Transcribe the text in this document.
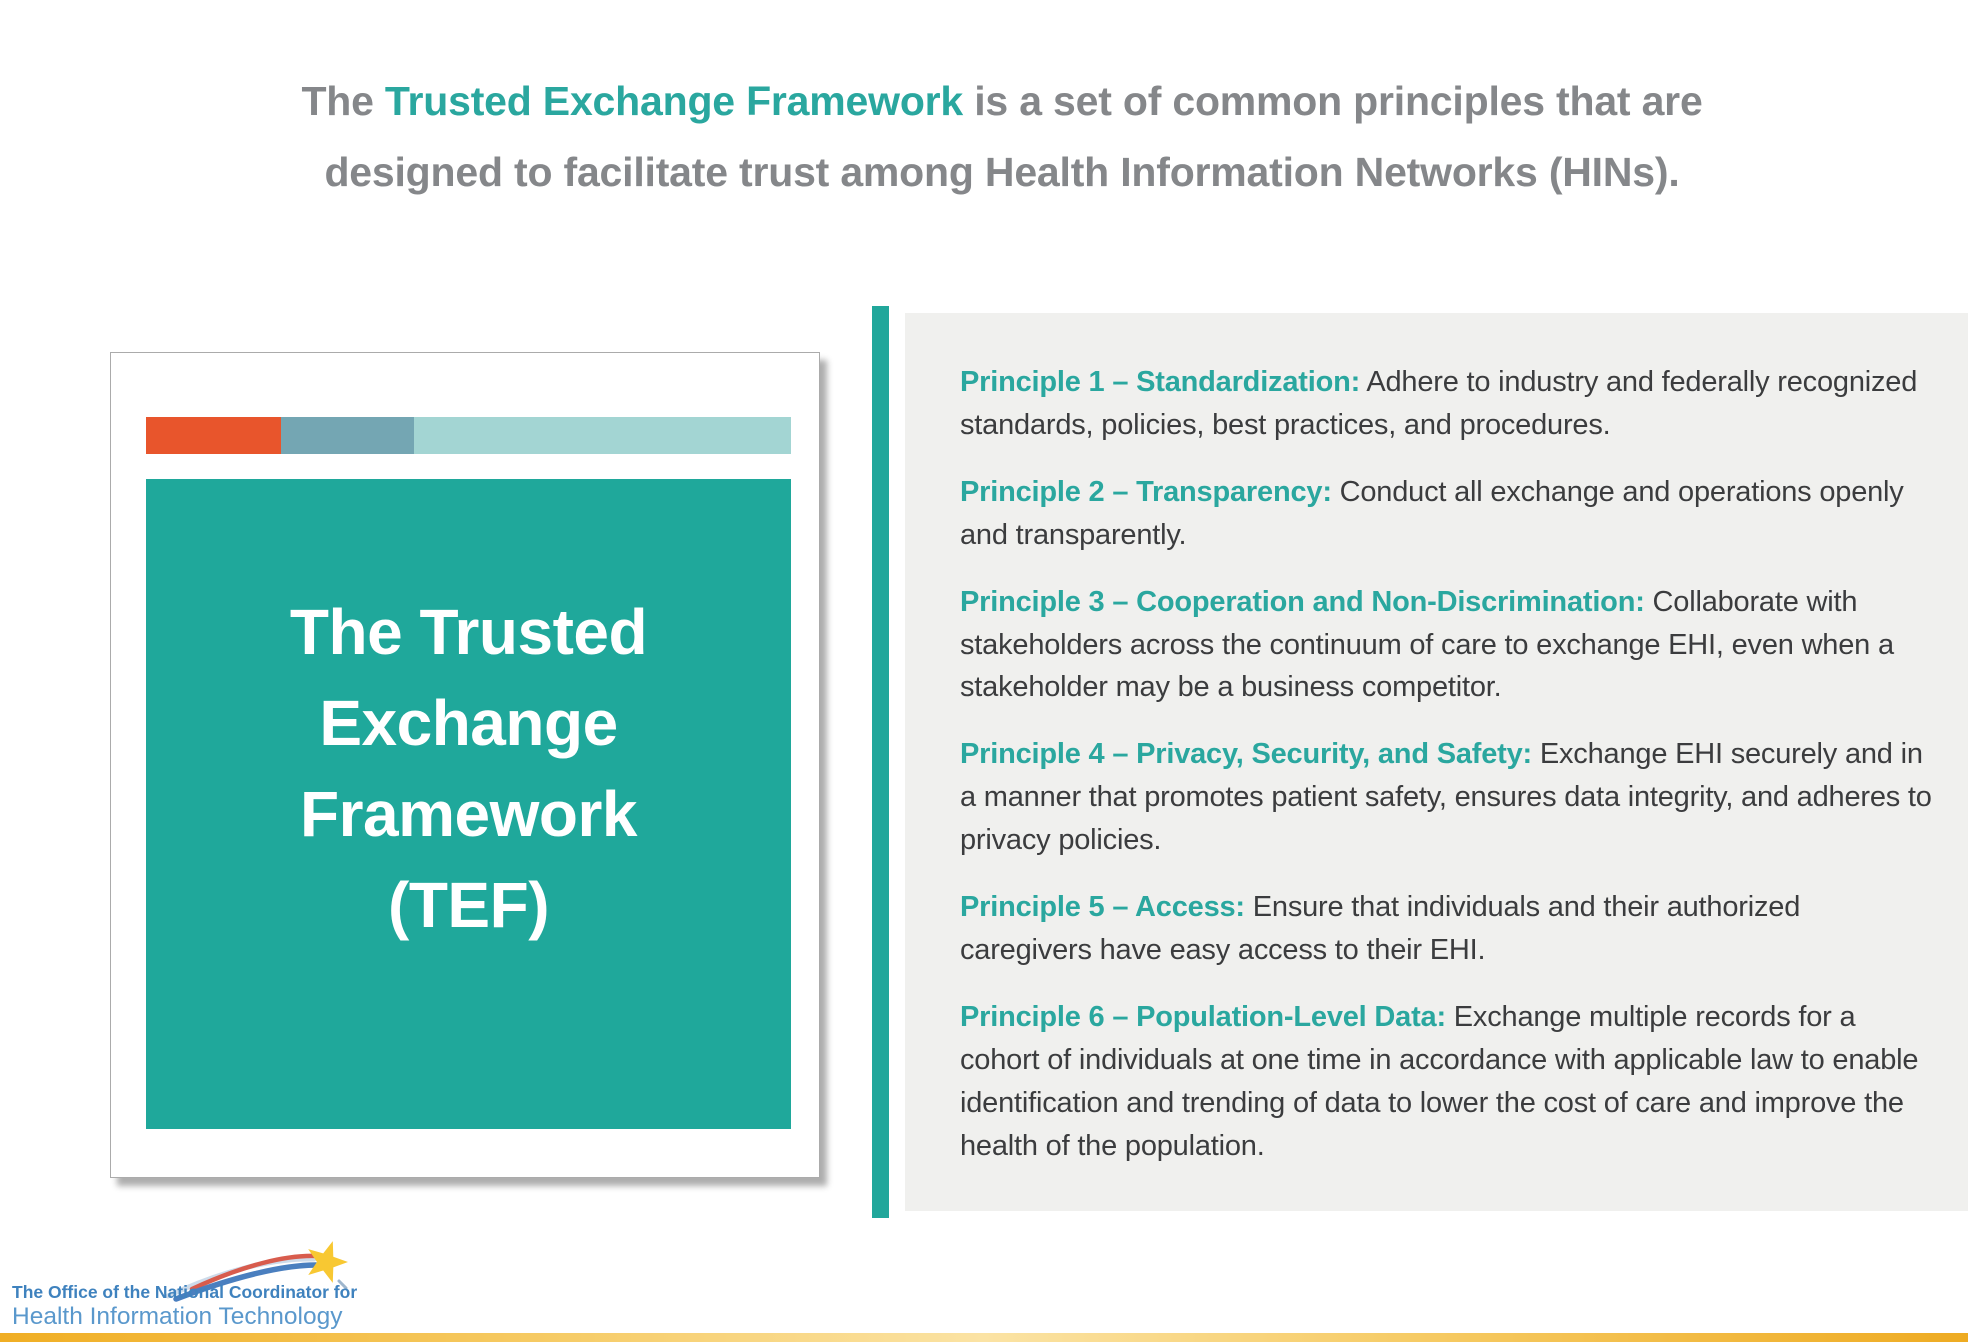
The Trusted Exchange Framework is a set of common principles that are
designed to facilitate trust among Health Information Networks (HINs).
The Trusted
Exchange
Framework
(TEF)

Principle 1 – Standardization: Adhere to industry and federally recognized standards, policies, best practices, and procedures.

Principle 2 – Transparency: Conduct all exchange and operations openly and transparently.

Principle 3 – Cooperation and Non-Discrimination: Collaborate with stakeholders across the continuum of care to exchange EHI, even when a stakeholder may be a business competitor.

Principle 4 – Privacy, Security, and Safety: Exchange EHI securely and in a manner that promotes patient safety, ensures data integrity, and adheres to privacy policies.

Principle 5 – Access: Ensure that individuals and their authorized caregivers have easy access to their EHI.

Principle 6 – Population-Level Data: Exchange multiple records for a cohort of individuals at one time in accordance with applicable law to enable identification and trending of data to lower the cost of care and improve the health of the population.

The Office of the National Coordinator for
Health Information Technology
